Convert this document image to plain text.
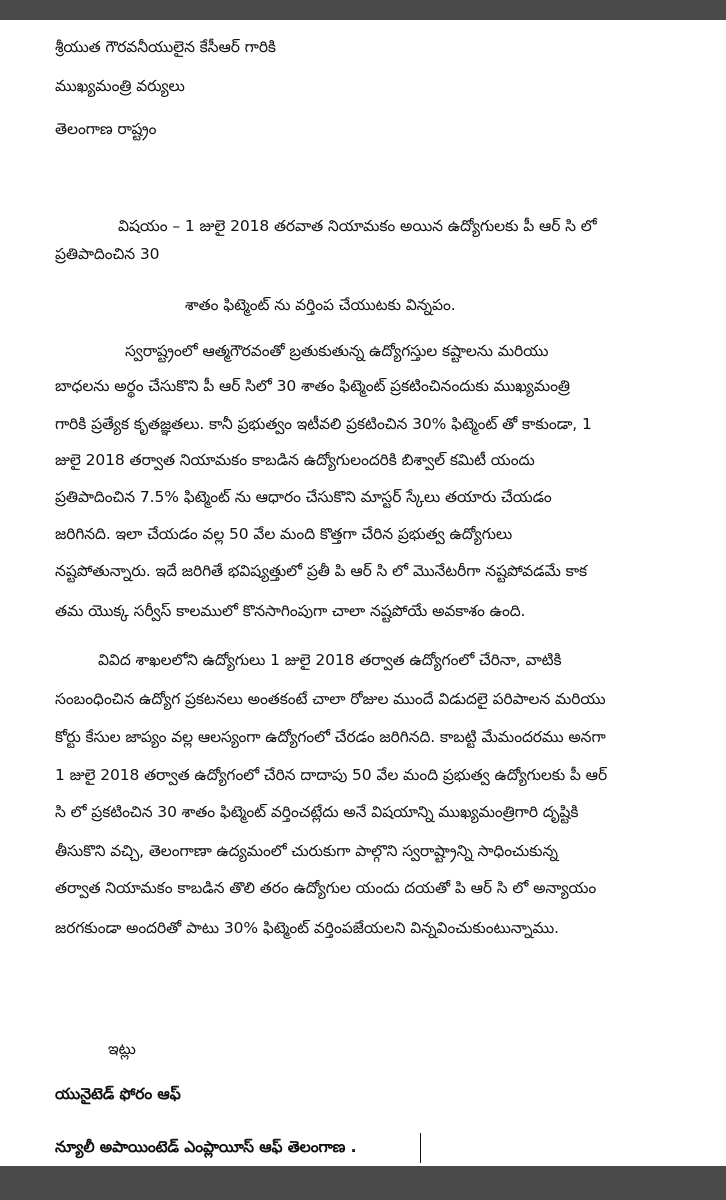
శ్రీయుత గౌరవనీయులైన కేసీఆర్ గారికి
ముఖ్యమంత్రి వర్యులు
తెలంగాణ రాష్ట్రం
విషయం – 1 జులై 2018 తరవాత నియామకం అయిన ఉద్యోగులకు పీ ఆర్ సి లో
ప్రతిపాదించిన 30
శాతం ఫిట్మెంట్ ను వర్తింప చేయుటకు విన్నపం.
స్వరాష్ట్రంలో ఆత్మగౌరవంతో బ్రతుకుతున్న ఉద్యోగస్తుల కష్టాలను మరియు
బాధలను అర్థం చేసుకొని పీ ఆర్ సిలో 30 శాతం ఫిట్మెంట్ ప్రకటించినందుకు ముఖ్యమంత్రి
గారికి ప్రత్యేక కృతజ్ఞతలు. కానీ ప్రభుత్వం ఇటీవలి ప్రకటించిన 30% ఫిట్మెంట్ తో కాకుండా, 1
జులై 2018 తర్వాత నియామకం కాబడిన ఉద్యోగులందరికి బిశ్వాల్ కమిటీ యందు
ప్రతిపాదించిన 7.5% ఫిట్మెంట్ ను ఆధారం చేసుకొని మాస్టర్ స్కేలు తయారు చేయడం
జరిగినది. ఇలా చేయడం వల్ల 50 వేల మంది కొత్తగా చేరిన ప్రభుత్వ ఉద్యోగులు
నష్టపోతున్నారు. ఇదే జరిగితే భవిష్యత్తులో ప్రతీ పి ఆర్ సి లో మొనేటరీగా నష్టపోవడమే కాక
తమ యొక్క సర్వీస్ కాలములో కొనసాగింపుగా చాలా నష్టపోయే అవకాశం ఉంది.
వివిద శాఖలలోని ఉద్యోగులు 1 జులై 2018 తర్వాత ఉద్యోగంలో చేరినా, వాటికి
సంబంధించిన ఉద్యోగ ప్రకటనలు అంతకంటే చాలా రోజుల ముందే విడుదలై పరిపాలన మరియు
కోర్టు కేసుల జాప్యం వల్ల ఆలస్యంగా ఉద్యోగంలో చేరడం జరిగినది. కాబట్టి మేమందరము అనగా
1 జులై 2018 తర్వాత ఉద్యోగంలో చేరిన దాదాపు 50 వేల మంది ప్రభుత్వ ఉద్యోగులకు పీ ఆర్
సి లో ప్రకటించిన 30 శాతం ఫిట్మెంట్ వర్తించట్లేదు అనే విషయాన్ని ముఖ్యమంత్రిగారి దృష్టికి
తీసుకొని వచ్చి, తెలంగాణా ఉద్యమంలో చురుకుగా పాల్గొని స్వరాష్ట్రాన్ని సాధించుకున్న
తర్వాత నియామకం కాబడిన తొలి తరం ఉద్యోగుల యందు దయతో పి ఆర్ సి లో అన్యాయం
జరగకుండా అందరితో పాటు 30% ఫిట్మెంట్ వర్తింపజేయలని విన్నవించుకుంటున్నాము.
ఇట్లు
యునైటెడ్ ఫోరం ఆఫ్
న్యూలీ అపాయింటెడ్ ఎంప్లాయీస్ ఆఫ్ తెలంగాణ .
